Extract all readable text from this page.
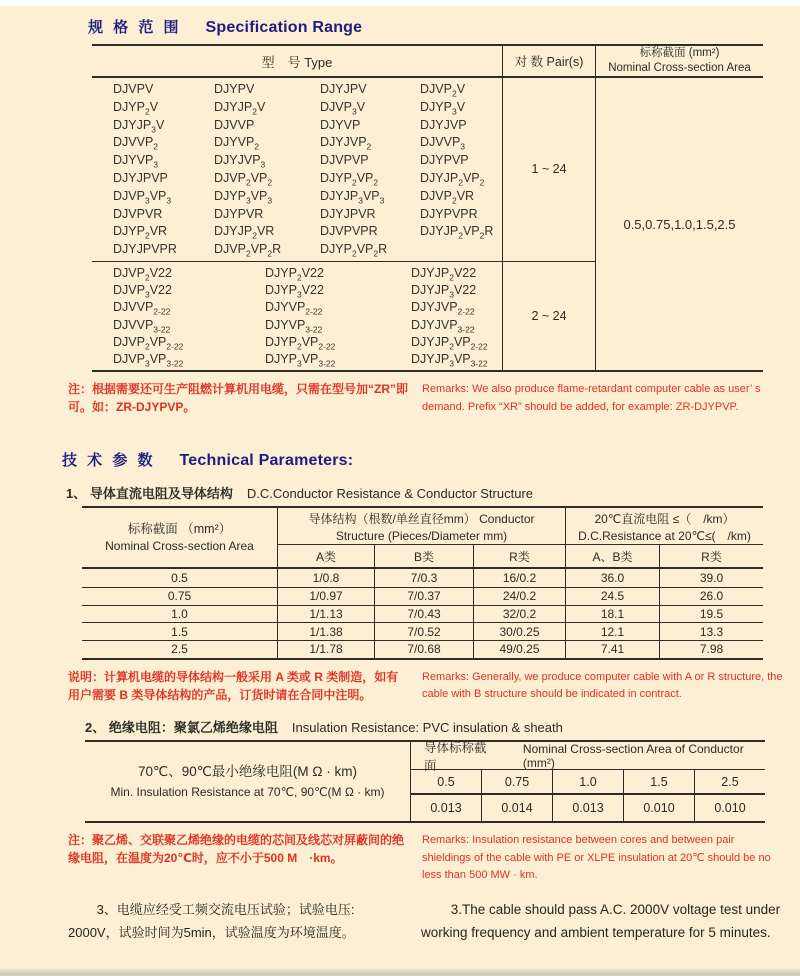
规 格 范 围 Specification Range
型　号 Type	对 数 Pair(s)
标称截面 (mm²)
Nominal Cross-section Area
DJVPV	DJYPV	DJYJPV	$DJVP_2V$
$DJYP_2V$	$DJYJP_2V$	$DJVP_3V$	$DJYP_3V$
$DJYJP_3V$	DJVVP	DJYVP	DJYJVP
$DJVVP_2$	$DJYVP_2$	$DJYJVP_2$	$DJVVP_3$
$DJYVP_3$	$DJYJVP_3$	DJVPVP	DJYPVP
DJYJPVP	$DJVP_2VP_2$	$DJYP_2VP_2$	$DJYJP_2VP_2$
$DJVP_3VP_3$	$DJYP_3VP_3$	$DJYJP_3VP_3$	$DJVP_2VR$
DJVPVR	DJYPVR	DJYJPVR	DJYPVPR
$DJYP_2VR$	$DJYJP_2VR$	DJVPVPR	$DJYJP_2VP_2R$
DJYJPVPR	$DJVP_2VP_2R$	$DJYP_2VP_2R$
1 ~ 24
0.5,0.75,1.0,1.5,2.5
$DJVP_2V22$	$DJYP_2V22$	$DJYJP_2V22$
$DJVP_3V22$	$DJYP_3V22$	$DJYJP_3V22$
$DJVVP_{2-22}$	$DJYVP_{2-22}$	$DJYJVP_{2-22}$
$DJVVP_{3-22}$	$DJYVP_{3-22}$	$DJYJVP_{3-22}$
$DJVP_2VP_{2-22}$	$DJYP_2VP_{2-22}$	$DJYJP_2VP_{2-22}$
$DJVP_3VP_{3-22}$	$DJYP_3VP_{3-22}$	$DJYJP_3VP_{3-22}$
2 ~ 24
注：根据需要还可生产阻燃计算机用电缆，只需在型号加“ZR”即可。如：ZR-DJYPVP。
Remarks: We also produce flame-retardant computer cable as user’ s demand. Prefix “XR” should be added, for example: ZR-DJYPVP.
技 术 参 数 Technical Parameters:
1、 导体直流电阻及导体结构 D.C.Conductor Resistance & Conductor Structure
标称截面 （mm²）
Nominal Cross-section Area
导体结构（根数/单丝直径mm） Conductor Structure (Pieces/Diameter mm)
20℃直流电阻 ≤（　/km） D.C.Resistance at 20℃≤(　/km)
A类	B类	R类	A、B类	R类
0.5	1/0.8	7/0.3	16/0.2	36.0	39.0
0.75	1/0.97	7/0.37	24/0.2	24.5	26.0
1.0	1/1.13	7/0.43	32/0.2	18.1	19.5
1.5	1/1.38	7/0.52	30/0.25	12.1	13.3
2.5	1/1.78	7/0.68	49/0.25	7.41	7.98
说明：计算机电缆的导体结构一般采用 A 类或 R 类制造，如有用户需要 B 类导体结构的产品，订货时请在合同中注明。
Remarks: Generally, we produce computer cable with A or R structure, the cable with B structure should be indicated in contract.
2、 绝缘电阻：聚氯乙烯绝缘电阻 Insulation Resistance: PVC insulation & sheath
70℃、90℃最小绝缘电阻(M Ω · km)
Min. Insulation Resistance at 70℃, 90℃(M Ω · km)
导体标称截面
Nominal Cross-section Area of Conductor (mm²)
0.5	0.75	1.0	1.5	2.5
0.013	0.014	0.013	0.010	0.010
注：聚乙烯、交联聚乙烯绝缘的电缆的芯间及线芯对屏蔽间的绝缘电阻，在温度为20℃时，应不小于500 M　·km。
Remarks: Insulation resistance between cores and between pair shieldings of the cable with PE or XLPE insulation at 20℃ should be no less than 500 MW · km.
3、电缆应经受工频交流电压试验；试验电压: 2000V，试验时间为5min，试验温度为环境温度。
3.The cable should pass A.C. 2000V voltage test under working frequency and ambient temperature for 5 minutes.
